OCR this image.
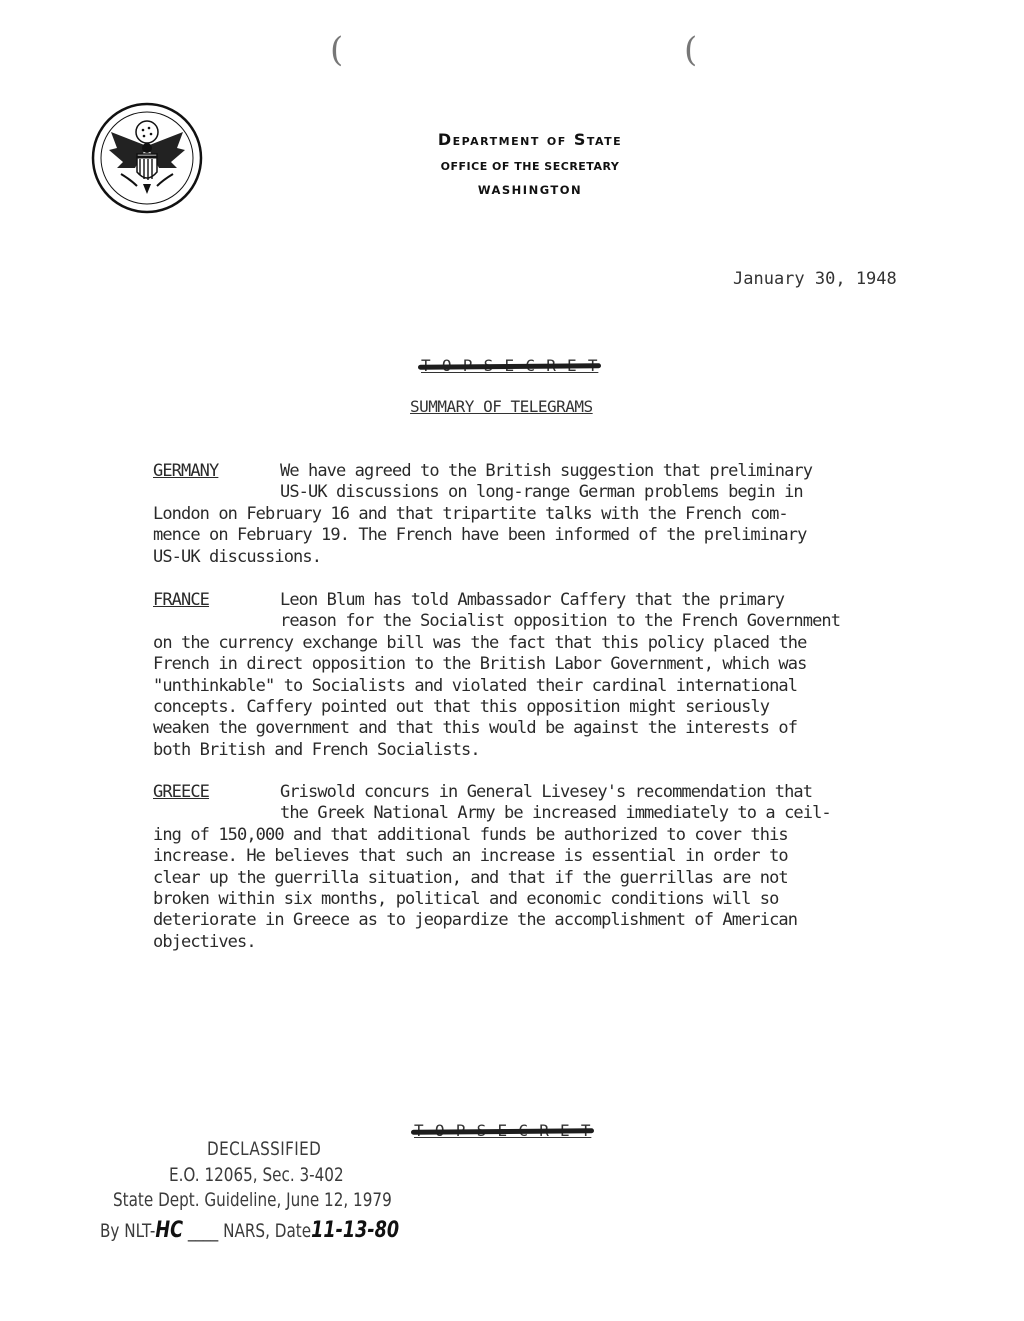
(	(
Department of State
OFFICE OF THE SECRETARY
WASHINGTON
January 30, 1948
SUMMARY OF TELEGRAMS
GERMANY	We have agreed to the British suggestion that preliminary
US-UK discussions on long-range German problems begin in
London on February 16 and that tripartite talks with the French com-
mence on February 19. The French have been informed of the preliminary
US-UK discussions.
FRANCE	Leon Blum has told Ambassador Caffery that the primary
reason for the Socialist opposition to the French Government
on the currency exchange bill was the fact that this policy placed the
French in direct opposition to the British Labor Government, which was
"unthinkable" to Socialists and violated their cardinal international
concepts. Caffery pointed out that this opposition might seriously
weaken the government and that this would be against the interests of
both British and French Socialists.
GREECE	Griswold concurs in General Livesey's recommendation that
the Greek National Army be increased immediately to a ceil-
ing of 150,000 and that additional funds be authorized to cover this
increase. He believes that such an increase is essential in order to
clear up the guerrilla situation, and that if the guerrillas are not
broken within six months, political and economic conditions will so
deteriorate in Greece as to jeopardize the accomplishment of American
objectives.
DECLASSIFIED
E.O. 12065, Sec. 3-402
State Dept. Guideline, June 12, 1979
By NLT-HC ____ NARS, Date11-13-80
